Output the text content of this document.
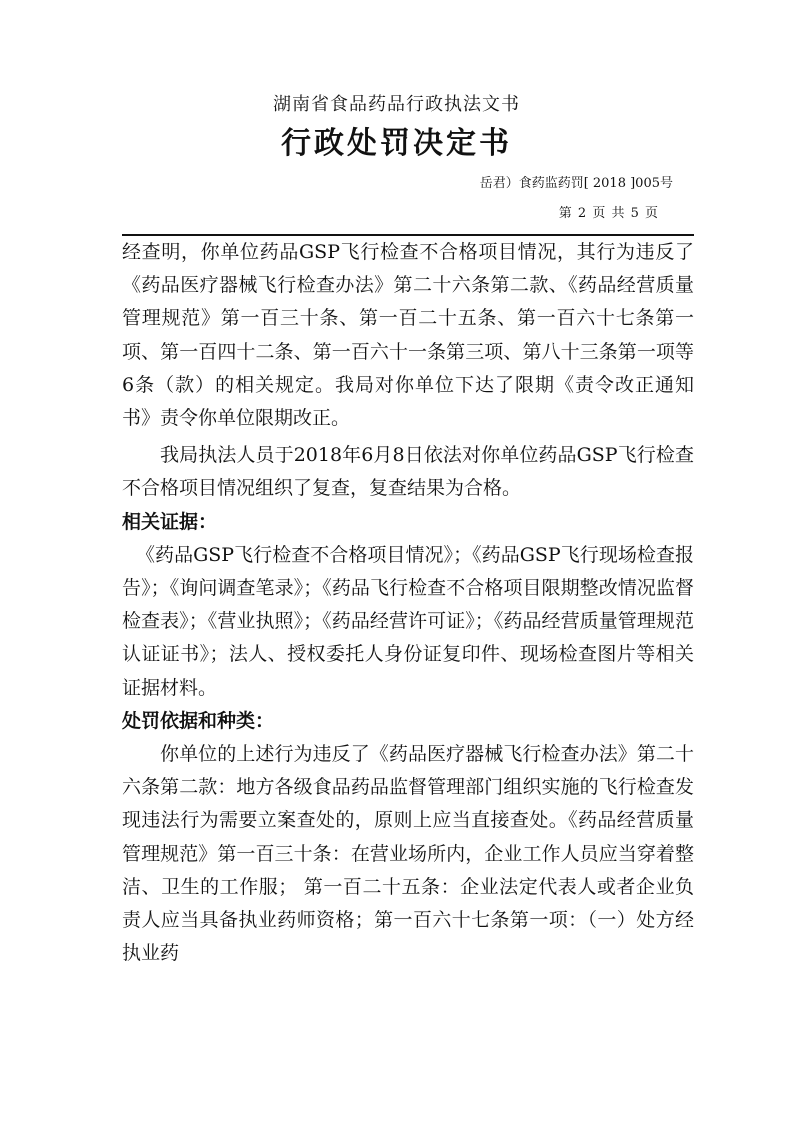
湖南省食品药品行政执法文书
行政处罚决定书
岳君）食药监药罚[ 2018 ]005号
第 2 页 共 5 页

经查明，你单位药品GSP飞行检查不合格项目情况，其行为违反了《药品医疗器械飞行检查办法》第二十六条第二款、《药品经营质量管理规范》第一百三十条、第一百二十五条、第一百六十七条第一项、第一百四十二条、第一百六十一条第三项、第八十三条第一项等6条（款）的相关规定。我局对你单位下达了限期《责令改正通知书》责令你单位限期改正。

我局执法人员于2018年6月8日依法对你单位药品GSP飞行检查不合格项目情况组织了复查，复查结果为合格。

相关证据：

《药品GSP飞行检查不合格项目情况》；《药品GSP飞行现场检查报告》；《询问调查笔录》；《药品飞行检查不合格项目限期整改情况监督检查表》；《营业执照》；《药品经营许可证》；《药品经营质量管理规范认证证书》；法人、授权委托人身份证复印件、现场检查图片等相关证据材料。

处罚依据和种类：

你单位的上述行为违反了《药品医疗器械飞行检查办法》第二十六条第二款：地方各级食品药品监督管理部门组织实施的飞行检查发现违法行为需要立案查处的，原则上应当直接查处。《药品经营质量管理规范》第一百三十条：在营业场所内，企业工作人员应当穿着整洁、卫生的工作服； 第一百二十五条：企业法定代表人或者企业负责人应当具备执业药师资格；第一百六十七条第一项：（一）处方经执业药
